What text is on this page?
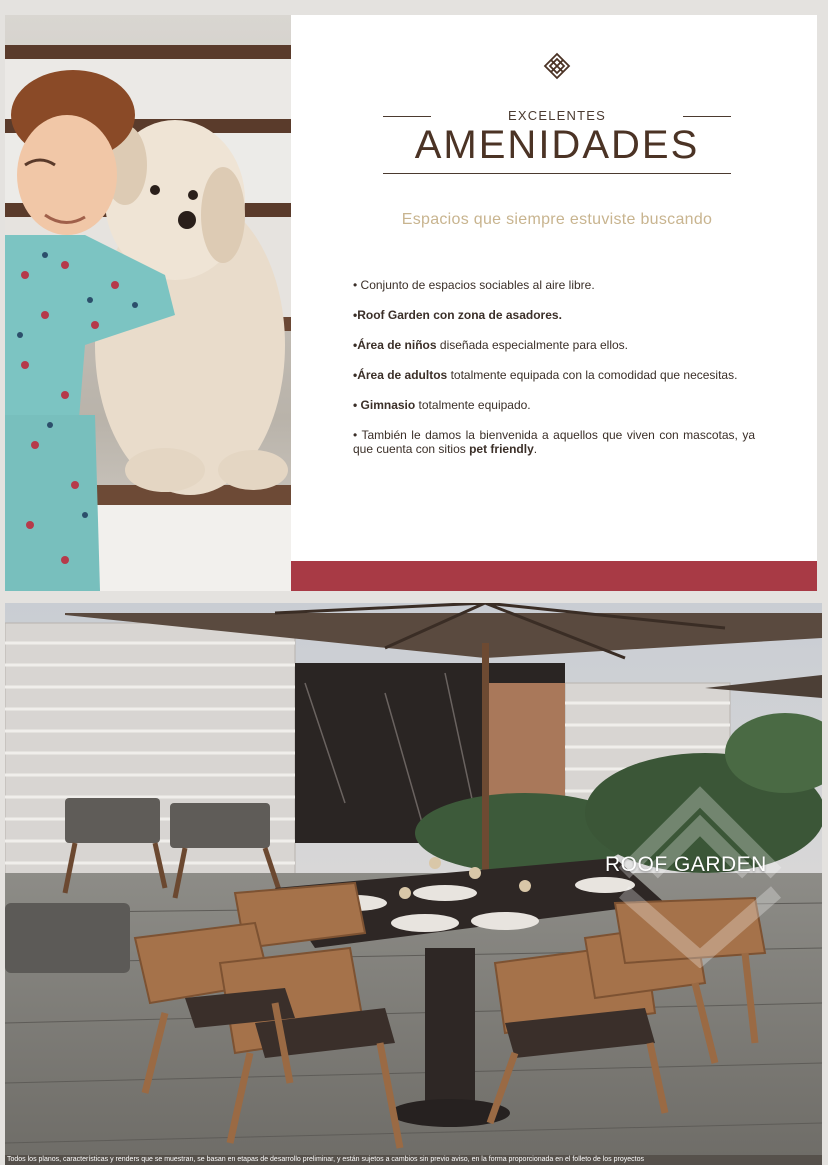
EXCELENTES
AMENIDADES

Espacios que siempre estuviste buscando

• Conjunto de espacios sociables al aire libre.
•Roof Garden con zona de asadores.
•Área de niños diseñada especialmente para ellos.
•Área de adultos totalmente equipada con la comodidad que necesitas.
• Gimnasio totalmente equipado.
• También le damos la bienvenida a aquellos que viven con mascotas, ya que cuenta con sitios pet friendly.
ROOF GARDEN
Todos los planos, características y renders que se muestran, se basan en etapas de desarrollo preliminar, y están sujetos a cambios sin previo aviso, en la forma proporcionada en el folleto de los proyectos
